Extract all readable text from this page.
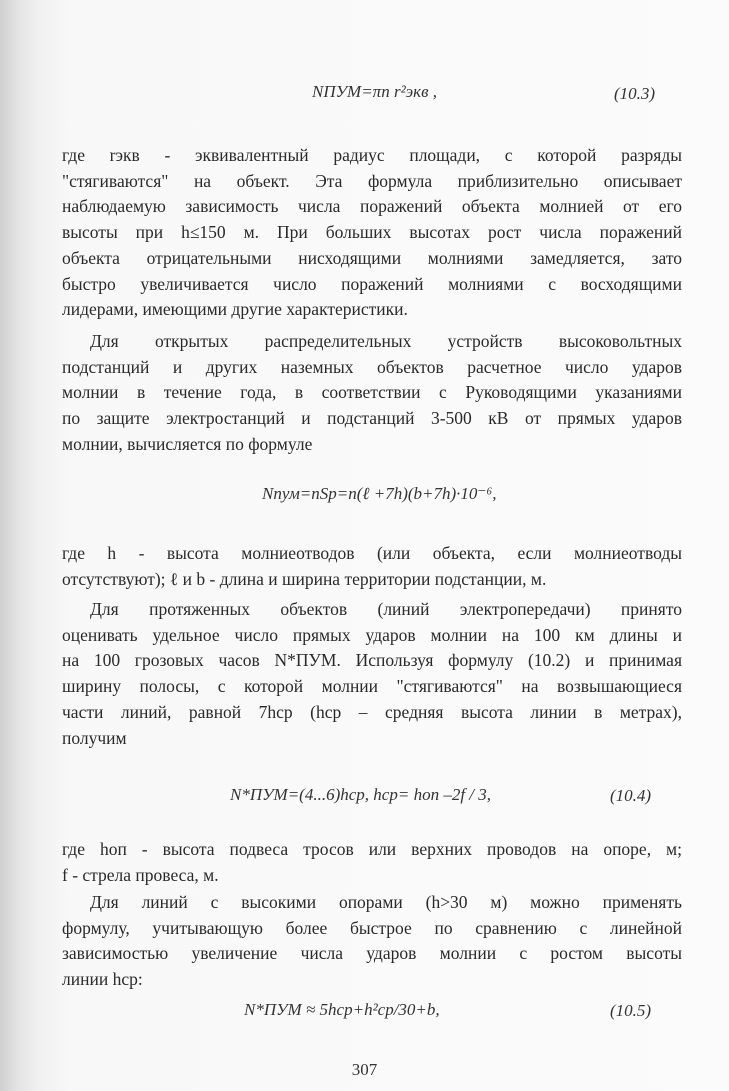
NПУМ=πn r²экв ,	(10.3)
где rэкв - эквивалентный радиус площади, с которой разряды
"стягиваются" на объект. Эта формула приблизительно описывает
наблюдаемую зависимость числа поражений объекта молнией от его
высоты при h≤150 м. При больших высотах рост числа поражений
объекта отрицательными нисходящими молниями замедляется, зато
быстро увеличивается число поражений молниями с восходящими
лидерами, имеющими другие характеристики.
Для открытых распределительных устройств высоковольтных
подстанций и других наземных объектов расчетное число ударов
молнии в течение года, в соответствии с Руководящими указаниями
по защите электростанций и подстанций 3-500 кВ от прямых ударов
молнии, вычисляется по формуле
Nпум=nSp=n(ℓ +7h)(b+7h)·10⁻⁶,
где h - высота молниеотводов (или объекта, если молниеотводы
отсутствуют); ℓ и b - длина и ширина территории подстанции, м.
Для протяженных объектов (линий электропередачи) принято
оценивать удельное число прямых ударов молнии на 100 км длины и
на 100 грозовых часов N*ПУМ. Используя формулу (10.2) и принимая
ширину полосы, с которой молнии "стягиваются" на возвышающиеся
части линий, равной 7hср (hср – средняя высота линии в метрах),
получим
N*ПУМ=(4...6)hср, hср= hоп –2f / 3,	(10.4)
где hоп - высота подвеса тросов или верхних проводов на опоре, м;
f - стрела провеса, м.
Для линий с высокими опорами (h>30 м) можно применять
формулу, учитывающую более быстрое по сравнению с линейной
зависимостью увеличение числа ударов молнии с ростом высоты
линии hср:
N*ПУМ ≈ 5hср+h²ср/30+b,	(10.5)
307
